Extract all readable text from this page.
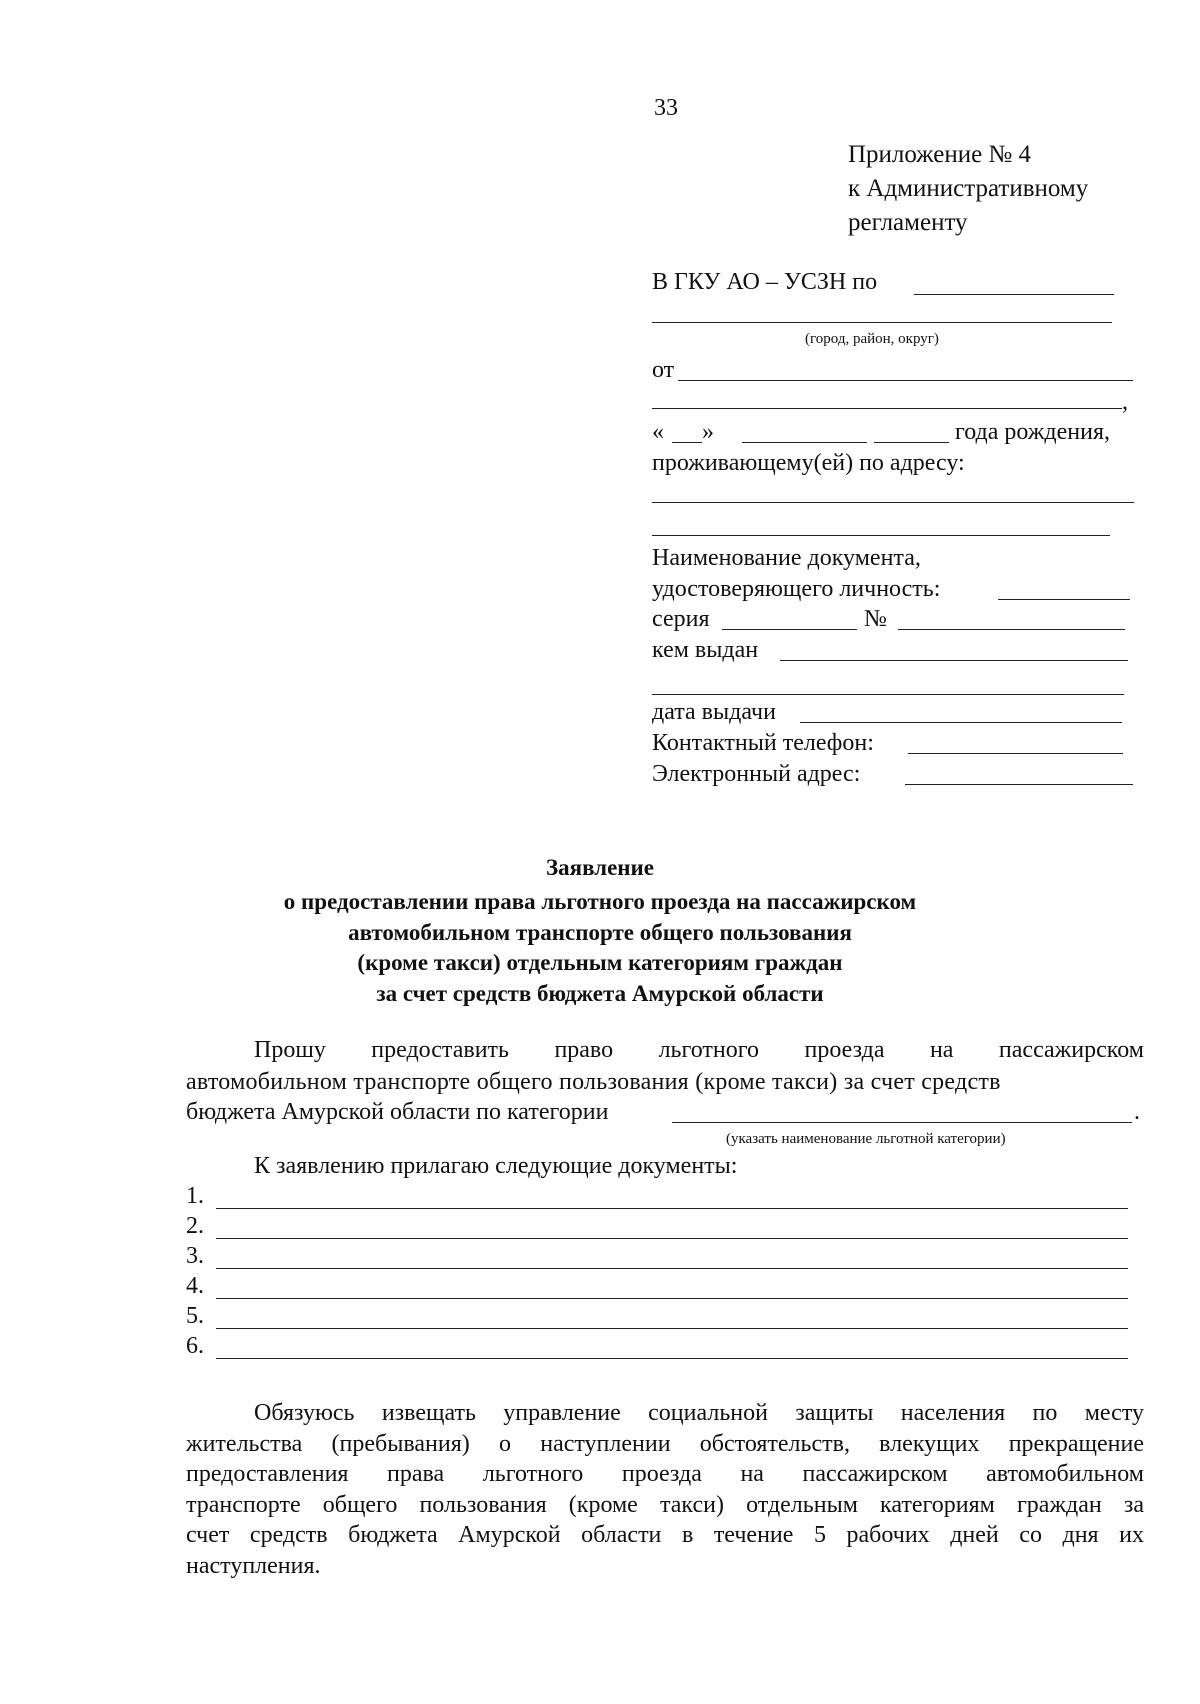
33
Приложение № 4
к Административному
регламенту
В ГКУ АО – УСЗН по
(город, район, округ)
от
,
« »	года рождения,
проживающему(ей) по адресу:
Наименование документа,
удостоверяющего личность:
серия	№
кем выдан
дата выдачи
Контактный телефон:
Электронный адрес:
Заявление
о предоставлении права льготного проезда на пассажирском
автомобильном транспорте общего пользования
(кроме такси) отдельным категориям граждан
за счет средств бюджета Амурской области
Прошу предоставить право льготного проезда на пассажирском
автомобильном транспорте общего пользования (кроме такси) за счет средств
бюджета Амурской области по категории	.
(указать наименование льготной категории)
К заявлению прилагаю следующие документы:
1.
2.
3.
4.
5.
6.
Обязуюсь извещать управление социальной защиты населения по месту
жительства (пребывания) о наступлении обстоятельств, влекущих прекращение
предоставления права льготного проезда на пассажирском автомобильном
транспорте общего пользования (кроме такси) отдельным категориям граждан за
счет средств бюджета Амурской области в течение 5 рабочих дней со дня их
наступления.
